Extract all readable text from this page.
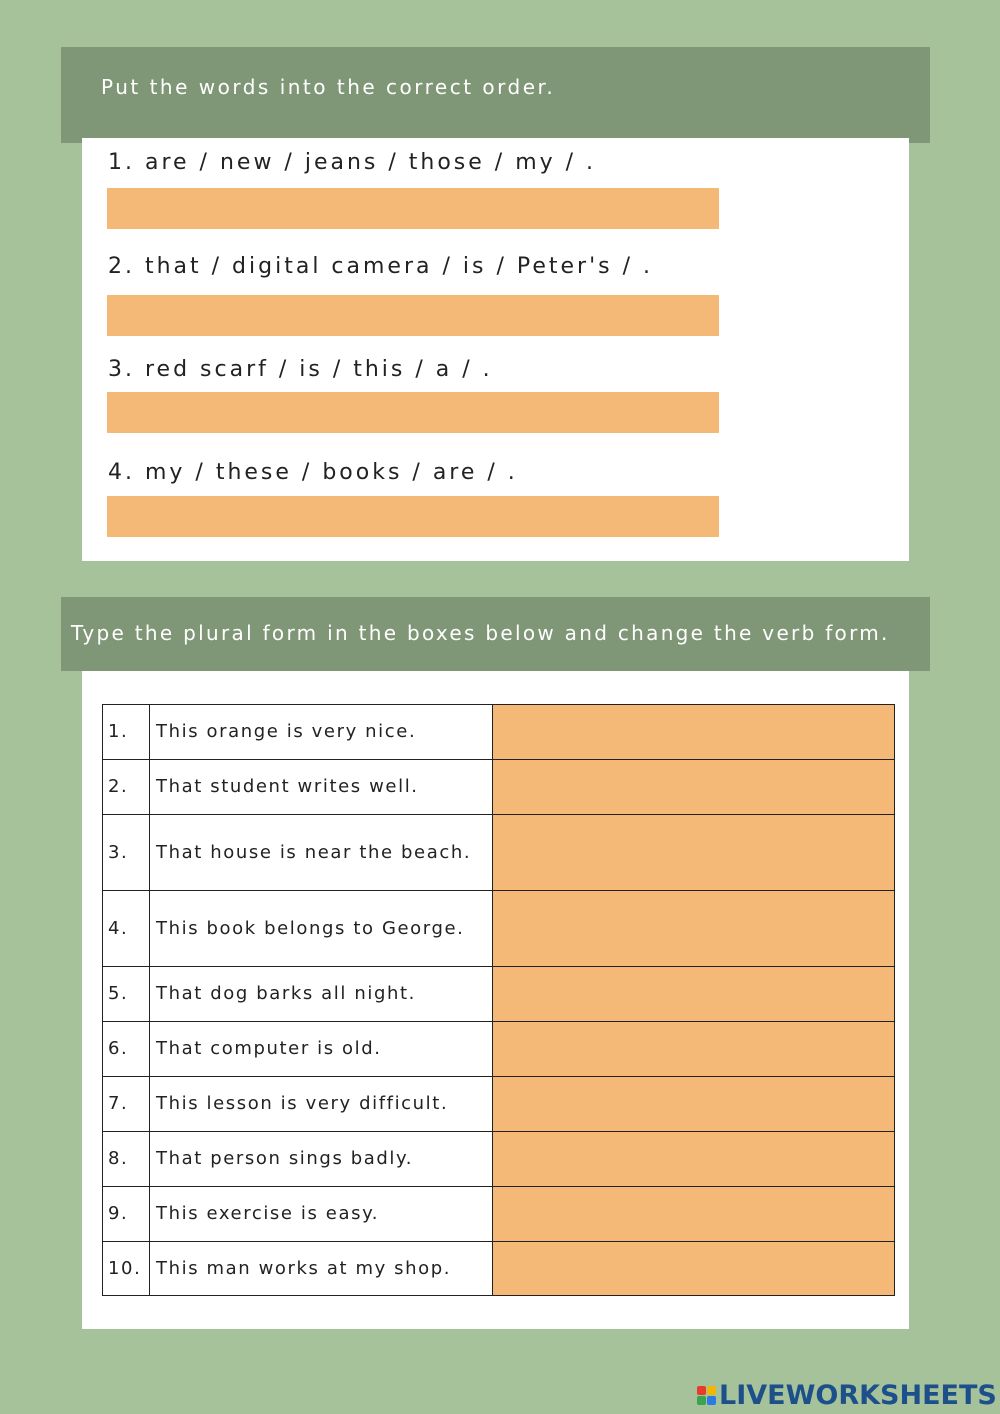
Put the words into the correct order.
1. are / new / jeans / those / my / .
2. that / digital camera / is / Peter's / .
3. red scarf / is / this / a / .
4. my / these / books / are / .
1.	This orange is very nice.	
2.	That student writes well.	
3.	That house is near the beach.	
4.	This book belongs to George.	
5.	That dog barks all night.	
6.	That computer is old.	
7.	This lesson is very difficult.	
8.	That person sings badly.	
9.	This exercise is easy.	
10.	This man works at my shop.	
Type the plural form in the boxes below and change the verb form.
LIVEWORKSHEETS
